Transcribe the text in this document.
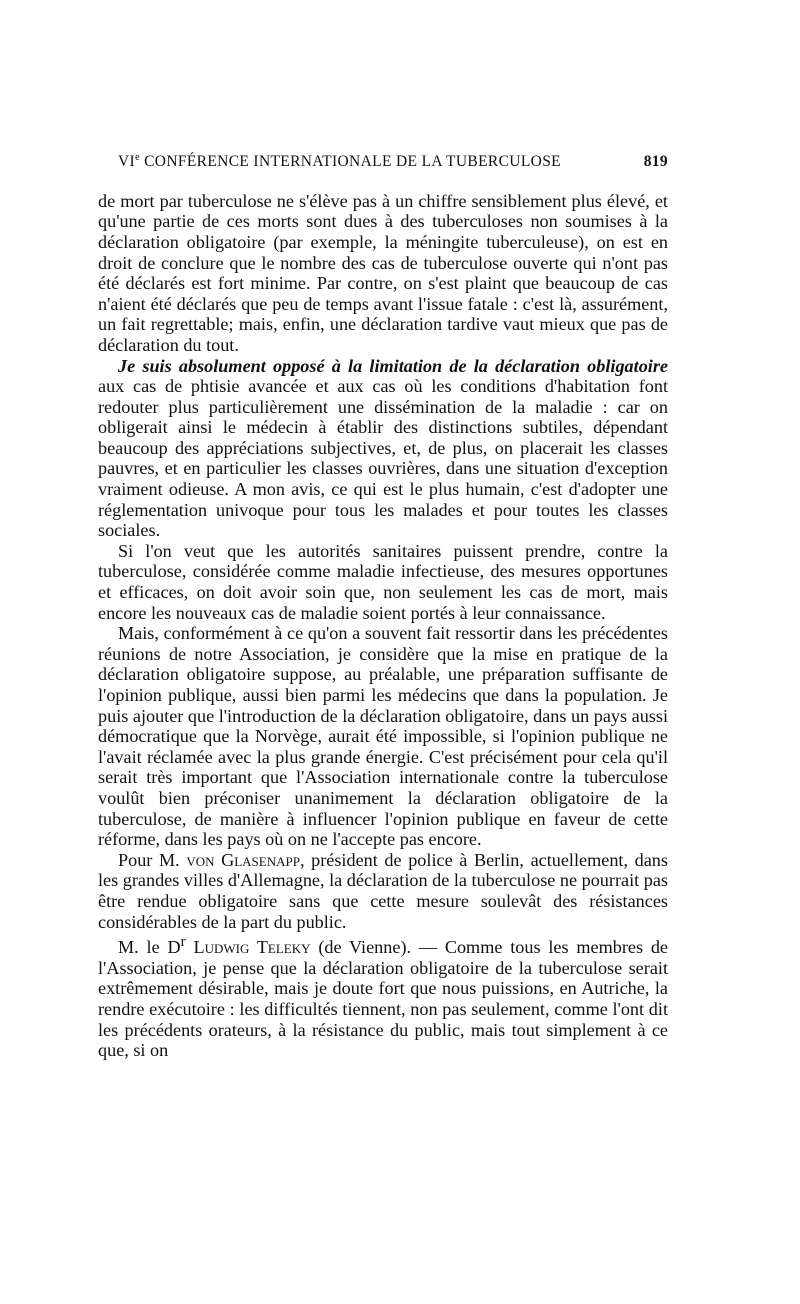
VIe CONFÉRENCE INTERNATIONALE DE LA TUBERCULOSE	819

de mort par tuberculose ne s'élève pas à un chiffre sensiblement plus élevé, et qu'une partie de ces morts sont dues à des tuberculoses non soumises à la déclaration obligatoire (par exemple, la méningite tuberculeuse), on est en droit de conclure que le nombre des cas de tuberculose ouverte qui n'ont pas été déclarés est fort minime. Par contre, on s'est plaint que beaucoup de cas n'aient été déclarés que peu de temps avant l'issue fatale : c'est là, assurément, un fait regrettable; mais, enfin, une déclaration tardive vaut mieux que pas de déclaration du tout.

Je suis absolument opposé à la limitation de la déclaration obligatoire aux cas de phtisie avancée et aux cas où les conditions d'habitation font redouter plus particulièrement une dissémination de la maladie : car on obligerait ainsi le médecin à établir des distinctions subtiles, dépendant beaucoup des appréciations subjectives, et, de plus, on placerait les classes pauvres, et en particulier les classes ouvrières, dans une situation d'exception vraiment odieuse. A mon avis, ce qui est le plus humain, c'est d'adopter une réglementation univoque pour tous les malades et pour toutes les classes sociales.

Si l'on veut que les autorités sanitaires puissent prendre, contre la tuberculose, considérée comme maladie infectieuse, des mesures opportunes et efficaces, on doit avoir soin que, non seulement les cas de mort, mais encore les nouveaux cas de maladie soient portés à leur connaissance.

Mais, conformément à ce qu'on a souvent fait ressortir dans les précédentes réunions de notre Association, je considère que la mise en pratique de la déclaration obligatoire suppose, au préalable, une préparation suffisante de l'opinion publique, aussi bien parmi les médecins que dans la population. Je puis ajouter que l'introduction de la déclaration obligatoire, dans un pays aussi démocratique que la Norvège, aurait été impossible, si l'opinion publique ne l'avait réclamée avec la plus grande énergie. C'est précisément pour cela qu'il serait très important que l'Association internationale contre la tuberculose voulût bien préconiser unanimement la déclaration obligatoire de la tuberculose, de manière à influencer l'opinion publique en faveur de cette réforme, dans les pays où on ne l'accepte pas encore.

Pour M. von Glasenapp, président de police à Berlin, actuellement, dans les grandes villes d'Allemagne, la déclaration de la tuberculose ne pourrait pas être rendue obligatoire sans que cette mesure soulevât des résistances considérables de la part du public.

M. le $D^r$ Ludwig Teleky (de Vienne). — Comme tous les membres de l'Association, je pense que la déclaration obligatoire de la tuberculose serait extrêmement désirable, mais je doute fort que nous puissions, en Autriche, la rendre exécutoire : les difficultés tiennent, non pas seulement, comme l'ont dit les précédents orateurs, à la résistance du public, mais tout simplement à ce que, si on
